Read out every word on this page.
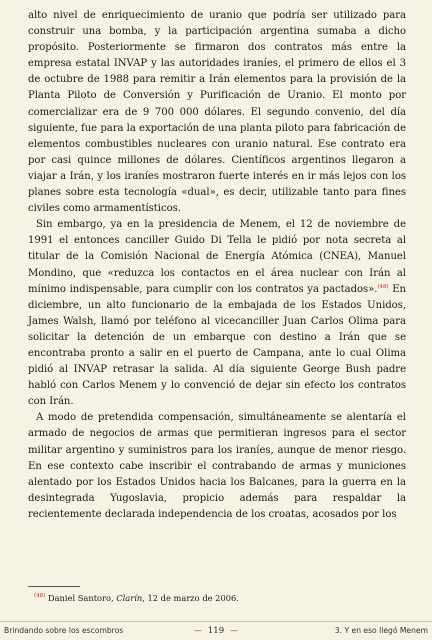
alto nivel de enriquecimiento de uranio que podría ser utilizado para construir una bomba, y la participación argentina sumaba a dicho propósito. Posteriormente se firmaron dos contratos más entre la empresa estatal INVAP y las autoridades iraníes, el primero de ellos el 3 de octubre de 1988 para remitir a Irán elementos para la provisión de la Planta Piloto de Conversión y Purificación de Uranio. El monto por comercializar era de 9 700 000 dólares. El segundo convenio, del día siguiente, fue para la exportación de una planta piloto para fabricación de elementos combustibles nucleares con uranio natural. Ese contrato era por casi quince millones de dólares. Científicos argentinos llegaron a viajar a Irán, y los iraníes mostraron fuerte interés en ir más lejos con los planes sobre esta tecnología «dual», es decir, utilizable tanto para fines civiles como armamentísticos.

Sin embargo, ya en la presidencia de Menem, el 12 de noviembre de 1991 el entonces canciller Guido Di Tella le pidió por nota secreta al titular de la Comisión Nacional de Energía Atómica (CNEA), Manuel Mondino, que «reduzca los contactos en el área nuclear con Irán al mínimo indispensable, para cumplir con los contratos ya pactados».$^{(48)}$ En diciembre, un alto funcionario de la embajada de los Estados Unidos, James Walsh, llamó por teléfono al vicecanciller Juan Carlos Olima para solicitar la detención de un embarque con destino a Irán que se encontraba pronto a salir en el puerto de Campana, ante lo cual Olima pidió al INVAP retrasar la salida. Al día siguiente George Bush padre habló con Carlos Menem y lo convenció de dejar sin efecto los contratos con Irán.

A modo de pretendida compensación, simultáneamente se alentaría el armado de negocios de armas que permitieran ingresos para el sector militar argentino y suministros para los iraníes, aunque de menor riesgo. En ese contexto cabe inscribir el contrabando de armas y municiones alentado por los Estados Unidos hacia los Balcanes, para la guerra en la desintegrada Yugoslavia, propicio además para respaldar la recientemente declarada independencia de los croatas, acosados por los

$^{(48)}$ Daniel Santoro, Clarín, 12 de marzo de 2006.
Brindando sobre los escombros	— 119 —	3. Y en eso llegó Menem
